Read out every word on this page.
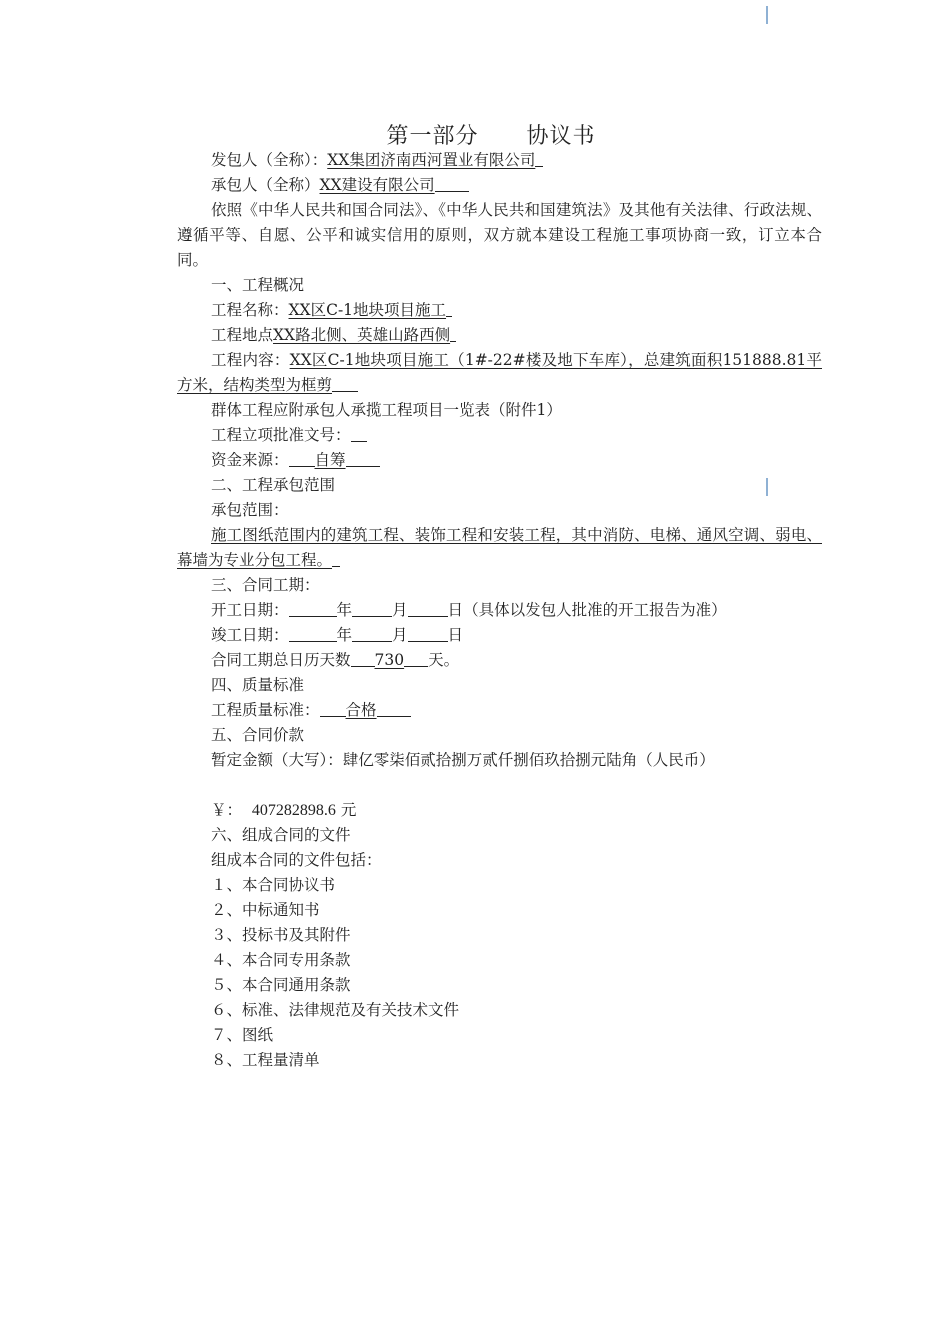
第一部分 协议书

发包人（全称）：XX集团济南西河置业有限公司
承包人（全称）XX建设有限公司
依照《中华人民共和国合同法》、《中华人民共和国建筑法》及其他有关法律、行政法规、遵循平等、自愿、公平和诚实信用的原则，双方就本建设工程施工事项协商一致，订立本合同。
一、工程概况
工程名称：XX区C-1地块项目施工
工程地点XX路北侧、英雄山路西侧
工程内容：XX区C-1地块项目施工（1#-22#楼及地下车库），总建筑面积151888.81平方米，结构类型为框剪
群体工程应附承包人承揽工程项目一览表（附件1）
工程立项批准文号：
资金来源： 自筹
二、工程承包范围
承包范围：
施工图纸范围内的建筑工程、装饰工程和安装工程，其中消防、电梯、通风空调、弱电、幕墙为专业分包工程。
三、合同工期：
开工日期：	年	月	日（具体以发包人批准的开工报告为准）
竣工日期：	年	月	日
合同工期总日历天数 730 天。
四、质量标准
工程质量标准： 合格
五、合同价款
暂定金额（大写）：肆亿零柒佰贰拾捌万贰仟捌佰玖拾捌元陆角（人民币）
￥： 407282898.6 元
六、组成合同的文件
组成本合同的文件包括：
１、本合同协议书
２、中标通知书
３、投标书及其附件
４、本合同专用条款
５、本合同通用条款
６、标准、法律规范及有关技术文件
７、图纸
８、工程量清单
